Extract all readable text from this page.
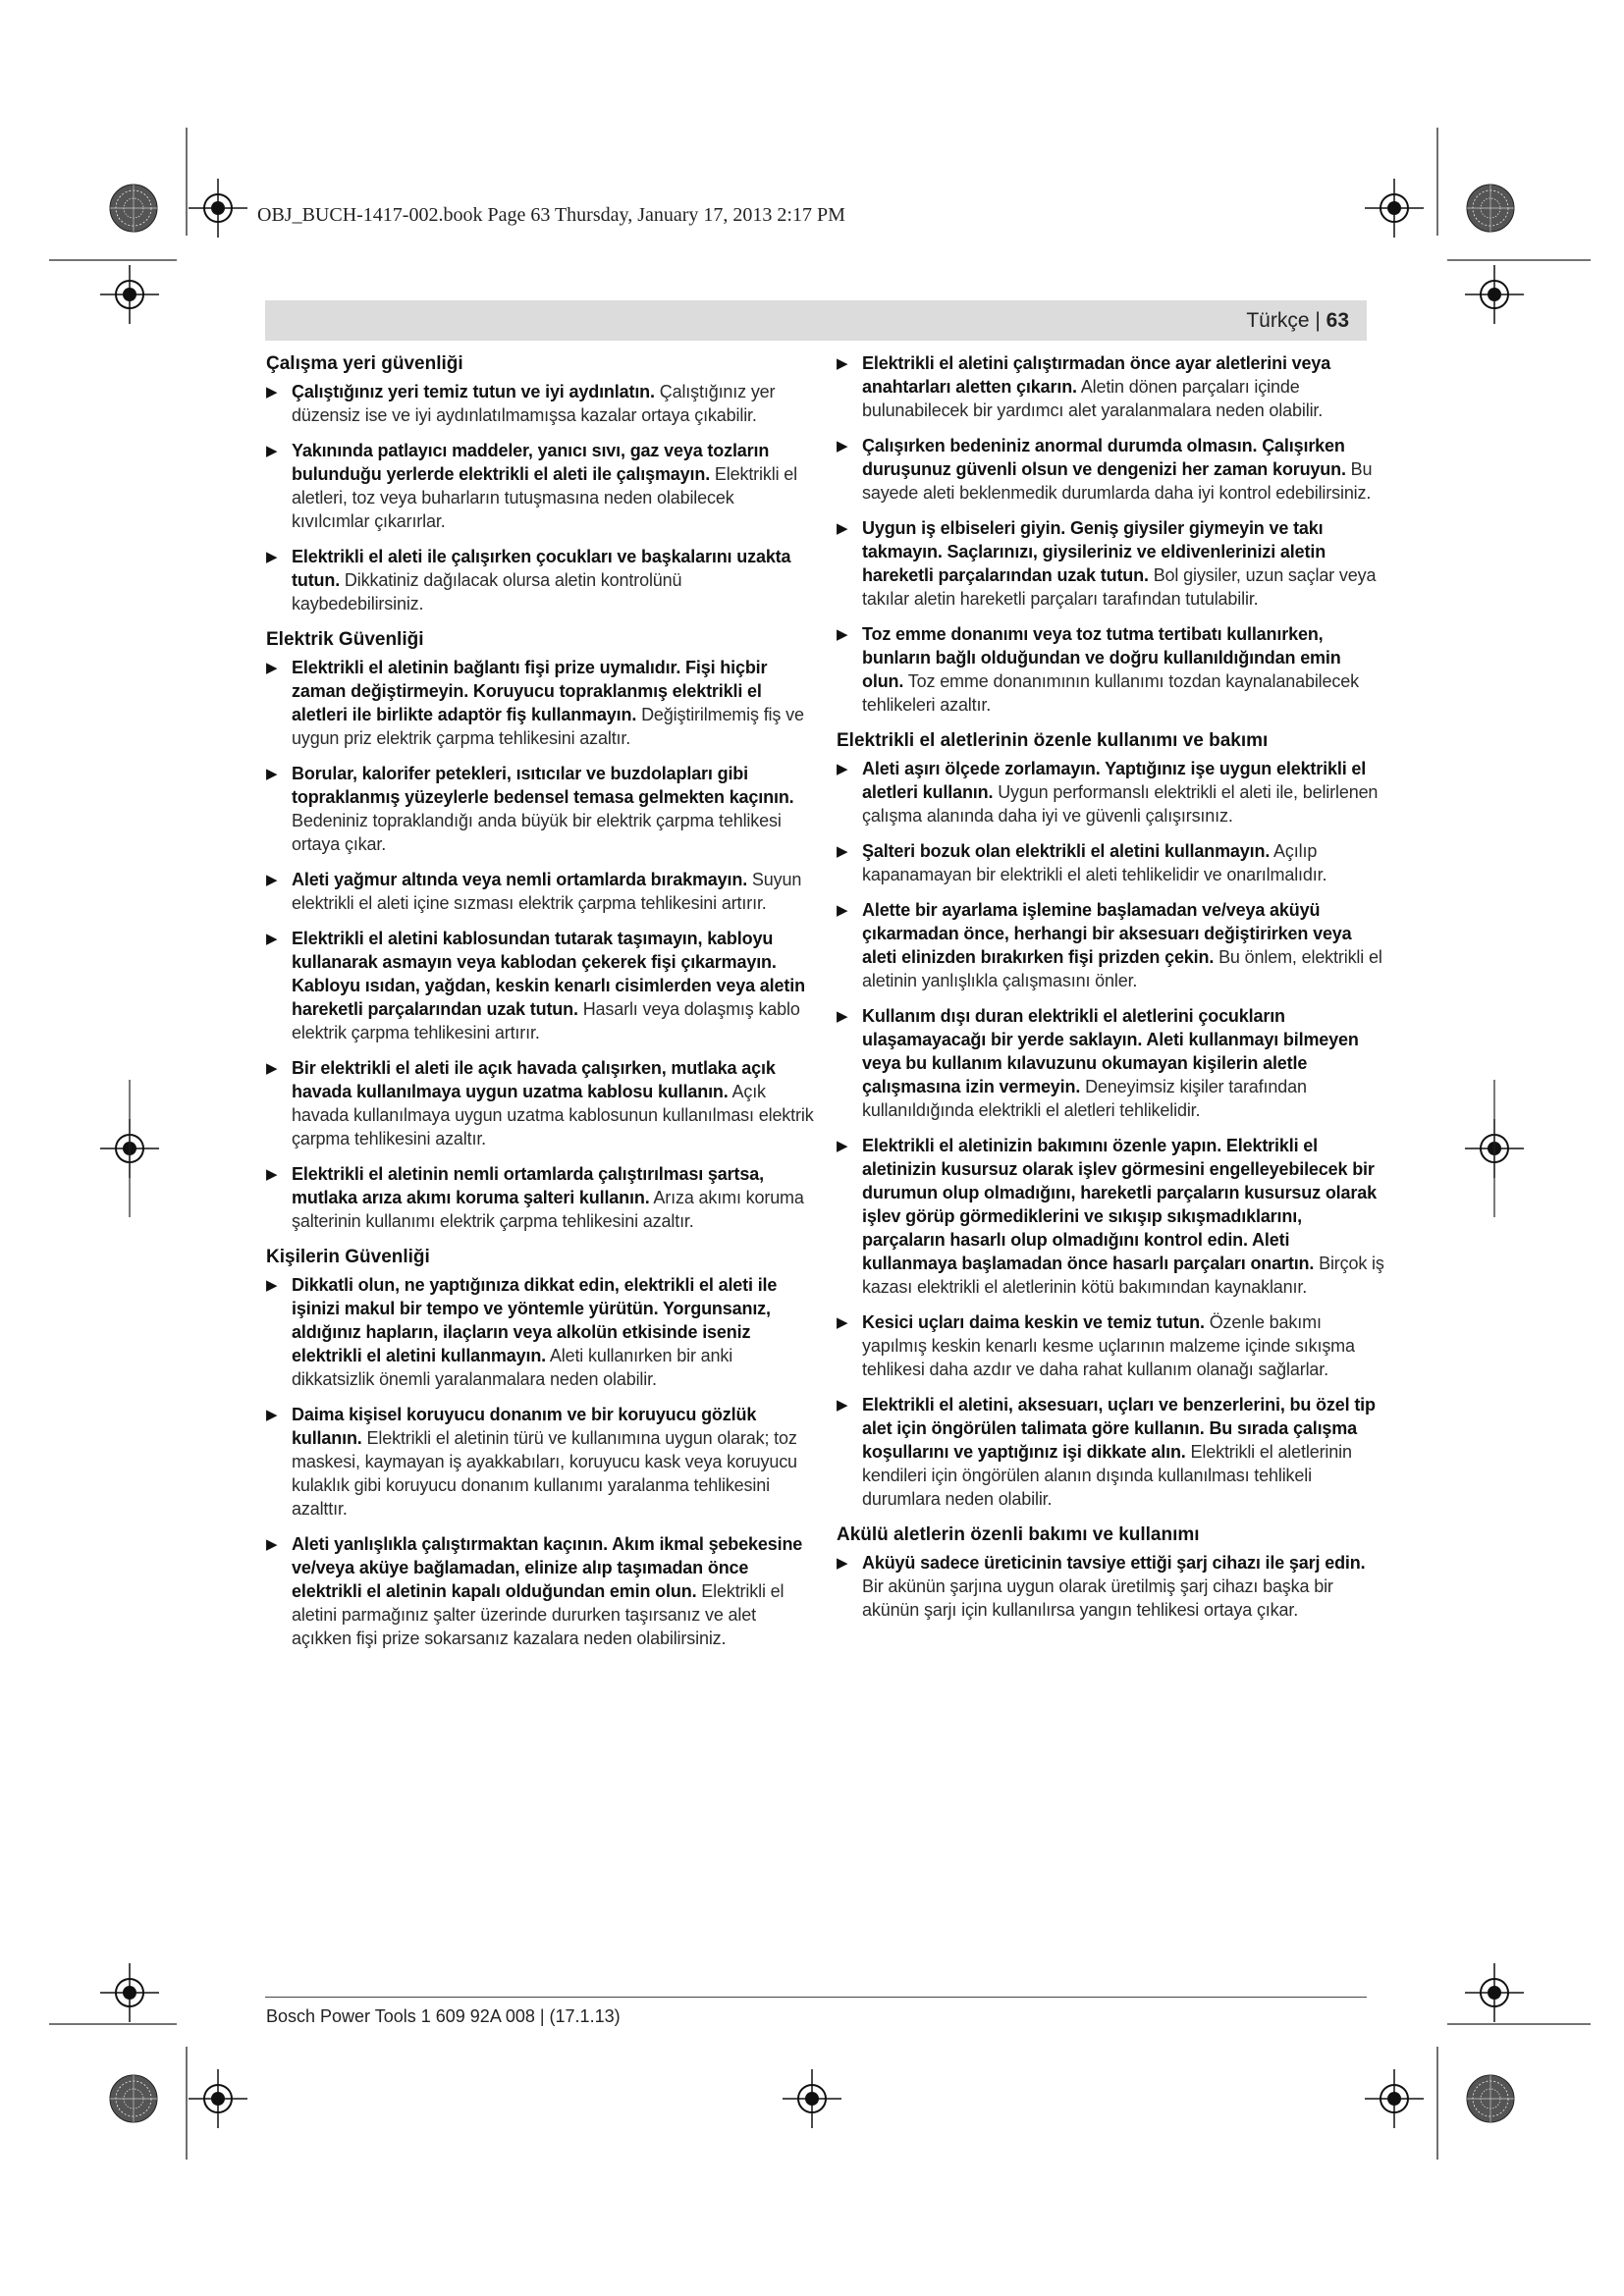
OBJ_BUCH-1417-002.book Page 63 Thursday, January 17, 2013 2:17 PM
Türkçe | 63
Çalışma yeri güvenliği
▶ Çalıştığınız yeri temiz tutun ve iyi aydınlatın. Çalıştığınız yer düzensiz ise ve iyi aydınlatılmamışsa kazalar ortaya çıkabilir.
▶ Yakınında patlayıcı maddeler, yanıcı sıvı, gaz veya tozların bulunduğu yerlerde elektrikli el aleti ile çalışmayın. Elektrikli el aletleri, toz veya buharların tutuşmasına neden olabilecek kıvılcımlar çıkarırlar.
▶ Elektrikli el aleti ile çalışırken çocukları ve başkalarını uzakta tutun. Dikkatiniz dağılacak olursa aletin kontrolünü kaybedebilirsiniz.
Elektrik Güvenliği
▶ Elektrikli el aletinin bağlantı fişi prize uymalıdır. Fişi hiçbir zaman değiştirmeyin. Koruyucu topraklanmış elektrikli el aletleri ile birlikte adaptör fiş kullanmayın. Değiştirilmemiş fiş ve uygun priz elektrik çarpma tehlikesini azaltır.
▶ Borular, kalorifer petekleri, ısıtıcılar ve buzdolapları gibi topraklanmış yüzeylerle bedensel temasa gelmekten kaçının. Bedeniniz topraklandığı anda büyük bir elektrik çarpma tehlikesi ortaya çıkar.
▶ Aleti yağmur altında veya nemli ortamlarda bırakmayın. Suyun elektrikli el aleti içine sızması elektrik çarpma tehlikesini artırır.
▶ Elektrikli el aletini kablosundan tutarak taşımayın, kabloyu kullanarak asmayın veya kablodan çekerek fişi çıkarmayın. Kabloyu ısıdan, yağdan, keskin kenarlı cisimlerden veya aletin hareketli parçalarından uzak tutun. Hasarlı veya dolaşmış kablo elektrik çarpma tehlikesini artırır.
▶ Bir elektrikli el aleti ile açık havada çalışırken, mutlaka açık havada kullanılmaya uygun uzatma kablosu kullanın. Açık havada kullanılmaya uygun uzatma kablosunun kullanılması elektrik çarpma tehlikesini azaltır.
▶ Elektrikli el aletinin nemli ortamlarda çalıştırılması şartsa, mutlaka arıza akımı koruma şalteri kullanın. Arıza akımı koruma şalterinin kullanımı elektrik çarpma tehlikesini azaltır.
Kişilerin Güvenliği
▶ Dikkatli olun, ne yaptığınıza dikkat edin, elektrikli el aleti ile işinizi makul bir tempo ve yöntemle yürütün. Yorgunsanız, aldığınız hapların, ilaçların veya alkolün etkisinde iseniz elektrikli el aletini kullanmayın. Aleti kullanırken bir anki dikkatsizlik önemli yaralanmalara neden olabilir.
▶ Daima kişisel koruyucu donanım ve bir koruyucu gözlük kullanın. Elektrikli el aletinin türü ve kullanımına uygun olarak; toz maskesi, kaymayan iş ayakkabıları, koruyucu kask veya koruyucu kulaklık gibi koruyucu donanım kullanımı yaralanma tehlikesini azalttır.
▶ Aleti yanlışlıkla çalıştırmaktan kaçının. Akım ikmal şebekesine ve/veya aküye bağlamadan, elinize alıp taşımadan önce elektrikli el aletinin kapalı olduğundan emin olun. Elektrikli el aletini parmağınız şalter üzerinde dururken taşırsanız ve alet açıkken fişi prize sokarsanız kazalara neden olabilirsiniz.
▶ Elektrikli el aletini çalıştırmadan önce ayar aletlerini veya anahtarları aletten çıkarın. Aletin dönen parçaları içinde bulunabilecek bir yardımcı alet yaralanmalara neden olabilir.
▶ Çalışırken bedeniniz anormal durumda olmasın. Çalışırken duruşunuz güvenli olsun ve dengenizi her zaman koruyun. Bu sayede aleti beklenmedik durumlarda daha iyi kontrol edebilirsiniz.
▶ Uygun iş elbiseleri giyin. Geniş giysiler giymeyin ve takı takmayın. Saçlarınızı, giysileriniz ve eldivenlerinizi aletin hareketli parçalarından uzak tutun. Bol giysiler, uzun saçlar veya takılar aletin hareketli parçaları tarafından tutulabilir.
▶ Toz emme donanımı veya toz tutma tertibatı kullanırken, bunların bağlı olduğundan ve doğru kullanıldığından emin olun. Toz emme donanımının kullanımı tozdan kaynalanabilecek tehlikeleri azaltır.
Elektrikli el aletlerinin özenle kullanımı ve bakımı
▶ Aleti aşırı ölçede zorlamayın. Yaptığınız işe uygun elektrikli el aletleri kullanın. Uygun performanslı elektrikli el aleti ile, belirlenen çalışma alanında daha iyi ve güvenli çalışırsınız.
▶ Şalteri bozuk olan elektrikli el aletini kullanmayın. Açılıp kapanamayan bir elektrikli el aleti tehlikelidir ve onarılmalıdır.
▶ Alette bir ayarlama işlemine başlamadan ve/veya aküyü çıkarmadan önce, herhangi bir aksesuarı değiştirirken veya aleti elinizden bırakırken fişi prizden çekin. Bu önlem, elektrikli el aletinin yanlışlıkla çalışmasını önler.
▶ Kullanım dışı duran elektrikli el aletlerini çocukların ulaşamayacağı bir yerde saklayın. Aleti kullanmayı bilmeyen veya bu kullanım kılavuzunu okumayan kişilerin aletle çalışmasına izin vermeyin. Deneyimsiz kişiler tarafından kullanıldığında elektrikli el aletleri tehlikelidir.
▶ Elektrikli el aletinizin bakımını özenle yapın. Elektrikli el aletinizin kusursuz olarak işlev görmesini engelleyebilecek bir durumun olup olmadığını, hareketli parçaların kusursuz olarak işlev görüp görmediklerini ve sıkışıp sıkışmadıklarını, parçaların hasarlı olup olmadığını kontrol edin. Aleti kullanmaya başlamadan önce hasarlı parçaları onartın. Birçok iş kazası elektrikli el aletlerinin kötü bakımından kaynaklanır.
▶ Kesici uçları daima keskin ve temiz tutun. Özenle bakımı yapılmış keskin kenarlı kesme uçlarının malzeme içinde sıkışma tehlikesi daha azdır ve daha rahat kullanım olanağı sağlarlar.
▶ Elektrikli el aletini, aksesuarı, uçları ve benzerlerini, bu özel tip alet için öngörülen talimata göre kullanın. Bu sırada çalışma koşullarını ve yaptığınız işi dikkate alın. Elektrikli el aletlerinin kendileri için öngörülen alanın dışında kullanılması tehlikeli durumlara neden olabilir.
Akülü aletlerin özenli bakımı ve kullanımı
▶ Aküyü sadece üreticinin tavsiye ettiği şarj cihazı ile şarj edin. Bir akünün şarjına uygun olarak üretilmiş şarj cihazı başka bir akünün şarjı için kullanılırsa yangın tehlikesi ortaya çıkar.
Bosch Power Tools 1 609 92A 008 | (17.1.13)
